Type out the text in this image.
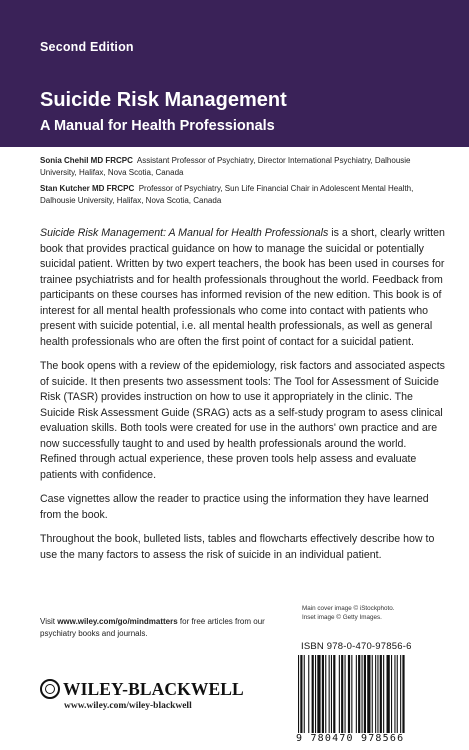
Second Edition
Suicide Risk Management
A Manual for Health Professionals

Sonia Chehil MD FRCPC Assistant Professor of Psychiatry, Director International Psychiatry, Dalhousie University, Halifax, Nova Scotia, Canada

Stan Kutcher MD FRCPC Professor of Psychiatry, Sun Life Financial Chair in Adolescent Mental Health, Dalhousie University, Halifax, Nova Scotia, Canada

Suicide Risk Management: A Manual for Health Professionals is a short, clearly written book that provides practical guidance on how to manage the suicidal or potentially suicidal patient. Written by two expert teachers, the book has been used in courses for trainee psychiatrists and for health professionals throughout the world. Feedback from participants on these courses has informed revision of the new edition. This book is of interest for all mental health professionals who come into contact with patients who present with suicide potential, i.e. all mental health professionals, as well as general health professionals who are often the first point of contact for a suicidal patient.

The book opens with a review of the epidemiology, risk factors and associated aspects of suicide. It then presents two assessment tools: The Tool for Assessment of Suicide Risk (TASR) provides instruction on how to use it appropriately in the clinic. The Suicide Risk Assessment Guide (SRAG) acts as a self-study program to asess clinical evaluation skills. Both tools were created for use in the authors' own practice and are now successfully taught to and used by health professionals around the world. Refined through actual experience, these proven tools help assess and evaluate patients with confidence.

Case vignettes allow the reader to practice using the information they have learned from the book.

Throughout the book, bulleted lists, tables and flowcharts effectively describe how to use the many factors to assess the risk of suicide in an individual patient.

Visit www.wiley.com/go/mindmatters for free articles from our psychiatry books and journals.
Main cover image © iStockphoto.
Inset image © Getty Images.
ISBN 978-0-470-97856-6
9 780470 978566
WILEY-BLACKWELL
www.wiley.com/wiley-blackwell
